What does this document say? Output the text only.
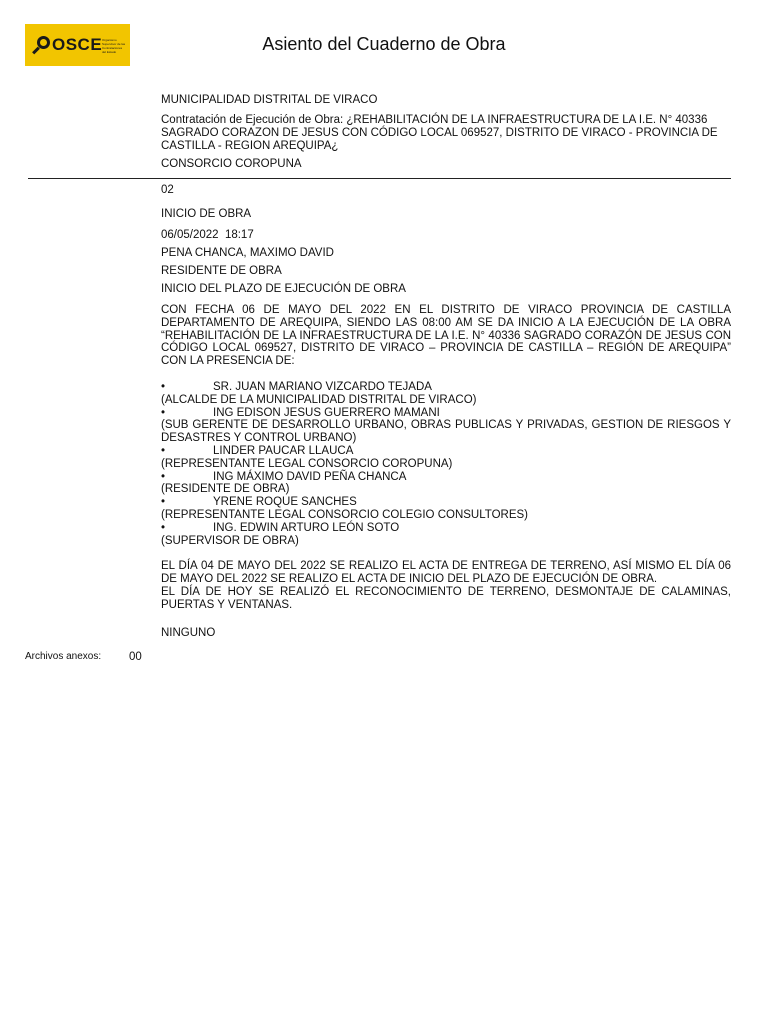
OSCE Organismo Supervisor de las Contrataciones del Estado	Asiento del Cuaderno de Obra
MUNICIPALIDAD DISTRITAL DE VIRACO
Contratación de Ejecución de Obra: ¿REHABILITACIÓN DE LA INFRAESTRUCTURA DE LA I.E. N° 40336 SAGRADO CORAZON DE JESUS CON CÓDIGO LOCAL 069527, DISTRITO DE VIRACO - PROVINCIA DE CASTILLA - REGION AREQUIPA¿
CONSORCIO COROPUNA
02
INICIO DE OBRA
06/05/2022  18:17
PENA CHANCA, MAXIMO DAVID
RESIDENTE DE OBRA
INICIO DEL PLAZO DE EJECUCIÓN DE OBRA

CON FECHA 06 DE MAYO DEL 2022 EN EL DISTRITO DE VIRACO PROVINCIA DE CASTILLA DEPARTAMENTO DE AREQUIPA, SIENDO LAS 08:00 AM SE DA INICIO A LA EJECUCIÓN DE LA OBRA “REHABILITACIÓN DE LA INFRAESTRUCTURA DE LA I.E. N° 40336 SAGRADO CORAZÓN DE JESUS CON CÓDIGO LOCAL 069527, DISTRITO DE VIRACO – PROVINCIA DE CASTILLA – REGIÓN DE AREQUIPA” CON LA PRESENCIA DE:

•	SR. JUAN MARIANO VIZCARDO TEJADA
(ALCALDE DE LA MUNICIPALIDAD DISTRITAL DE VIRACO)
•	ING EDISON JESUS GUERRERO MAMANI
(SUB GERENTE DE DESARROLLO URBANO, OBRAS PUBLICAS Y PRIVADAS, GESTION DE RIESGOS Y DESASTRES Y CONTROL URBANO)
•	LINDER PAUCAR LLAUCA
(REPRESENTANTE LEGAL CONSORCIO COROPUNA)
•	ING MÁXIMO DAVID PEÑA CHANCA
(RESIDENTE DE OBRA)
•	YRENE ROQUE SANCHES
(REPRESENTANTE LEGAL CONSORCIO COLEGIO CONSULTORES)
•	ING. EDWIN ARTURO LEÓN SOTO
(SUPERVISOR DE OBRA)

EL DÍA 04 DE MAYO DEL 2022 SE REALIZO EL ACTA DE ENTREGA DE TERRENO, ASÍ MISMO EL DÍA 06 DE MAYO DEL 2022 SE REALIZO EL ACTA DE INICIO DEL PLAZO DE EJECUCIÓN DE OBRA.

EL DÍA DE HOY SE REALIZÓ EL RECONOCIMIENTO DE TERRENO, DESMONTAJE DE CALAMINAS, PUERTAS Y VENTANAS.

NINGUNO
Archivos anexos: 00
